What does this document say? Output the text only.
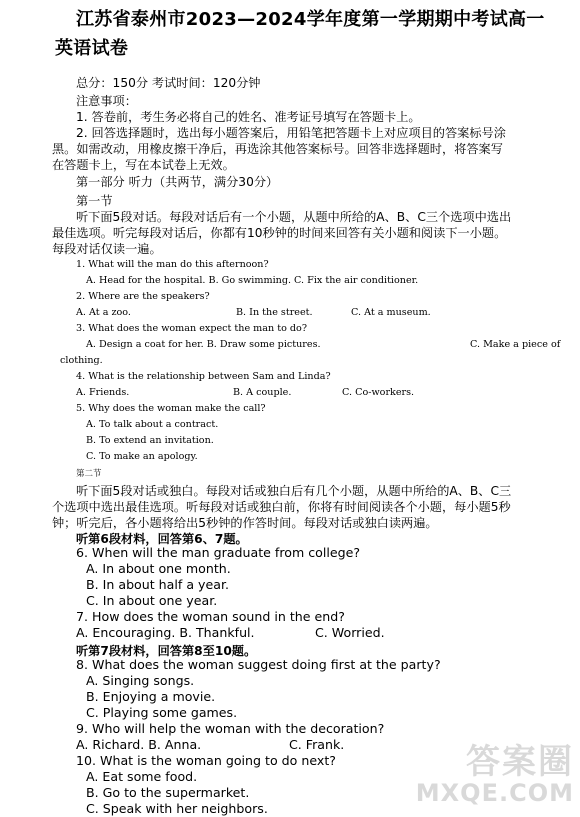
江苏省泰州市2023—2024学年度第一学期期中考试高一
英语试卷
总分：150分 考试时间：120分钟
注意事项：
1. 答卷前，考生务必将自己的姓名、准考证号填写在答题卡上。
2. 回答选择题时，选出每小题答案后，用铅笔把答题卡上对应项目的答案标号涂
黑。如需改动，用橡皮擦干净后，再选涂其他答案标号。回答非选择题时，将答案写
在答题卡上，写在本试卷上无效。
第一部分 听力（共两节，满分30分）
第一节
听下面5段对话。每段对话后有一个小题，从题中所给的A、B、C三个选项中选出
最佳选项。听完每段对话后，你都有10秒钟的时间来回答有关小题和阅读下一小题。
每段对话仅读一遍。
1. What will the man do this afternoon?
A. Head for the hospital. B. Go swimming. C. Fix the air conditioner.
2. Where are the speakers?
A. At a zoo.	B. In the street.	C. At a museum.
3. What does the woman expect the man to do?
A. Design a coat for her. B. Draw some pictures.	C. Make a piece of
clothing.
4. What is the relationship between Sam and Linda?
A. Friends.	B. A couple.	C. Co-workers.
5. Why does the woman make the call?
A. To talk about a contract.
B. To extend an invitation.
C. To make an apology.
第二节
听下面5段对话或独白。每段对话或独白后有几个小题，从题中所给的A、B、C三
个选项中选出最佳选项。听每段对话或独白前，你将有时间阅读各个小题，每小题5秒
钟；听完后，各小题将给出5秒钟的作答时间。每段对话或独白读两遍。
听第6段材料，回答第6、7题。
6. When will the man graduate from college?
A. In about one month.
B. In about half a year.
C. In about one year.
7. How does the woman sound in the end?
A. Encouraging. B. Thankful.	C. Worried.
听第7段材料，回答第8至10题。
8. What does the woman suggest doing first at the party?
A. Singing songs.
B. Enjoying a movie.
C. Playing some games.
9. Who will help the woman with the decoration?
A. Richard. B. Anna.	C. Frank.
10. What is the woman going to do next?
A. Eat some food.
B. Go to the supermarket.
C. Speak with her neighbors.
答案圈
MXQE.COM
